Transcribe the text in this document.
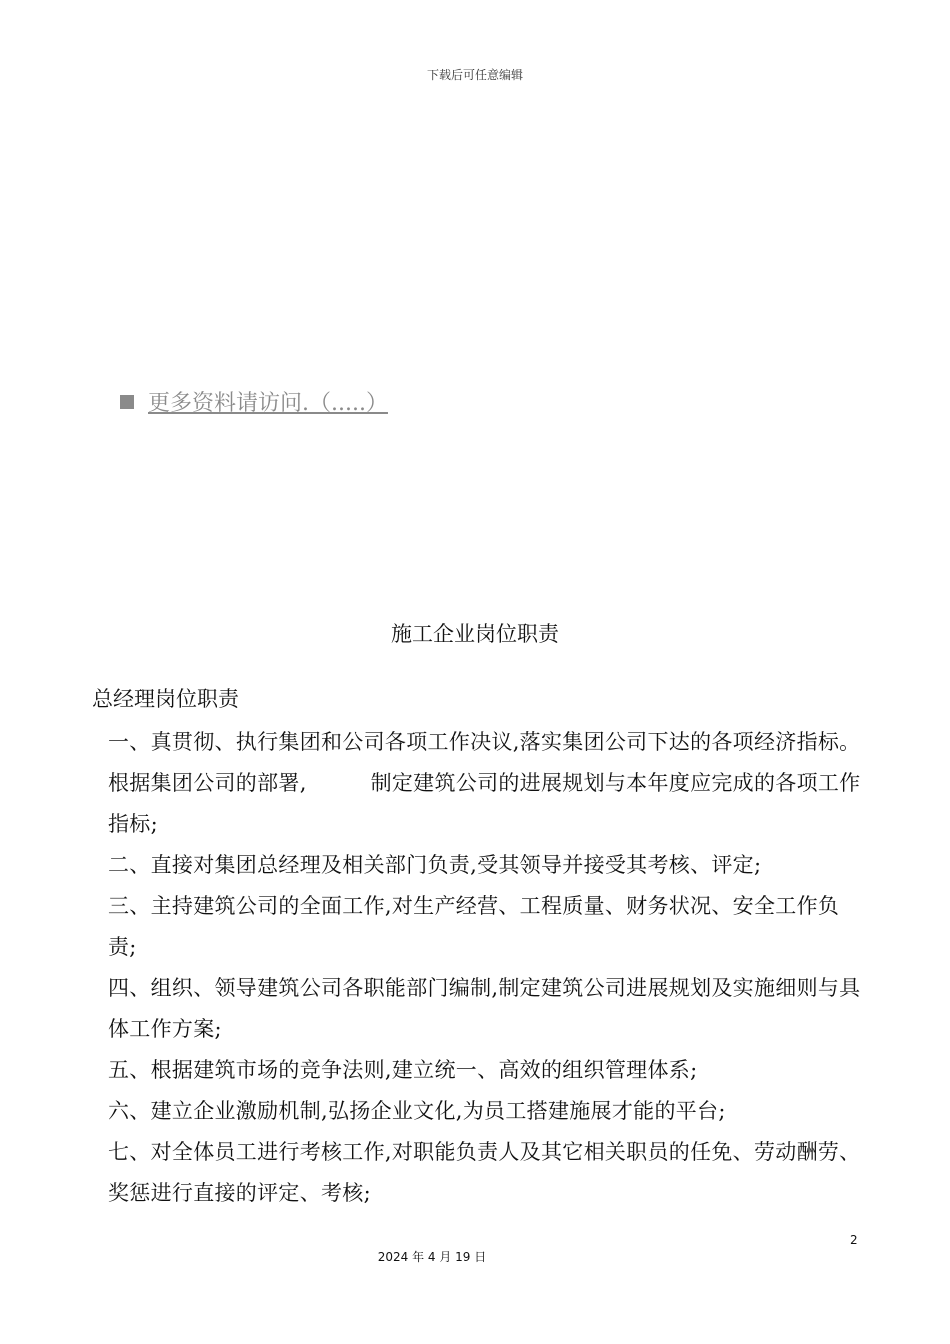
下载后可任意编辑
更多资料请访问.（.....）
施工企业岗位职责
总经理岗位职责

一、真贯彻、执行集团和公司各项工作决议,落实集团公司下达的各项经济指标。根据集团公司的部署,　　　制定建筑公司的进展规划与本年度应完成的各项工作指标;

二、直接对集团总经理及相关部门负责,受其领导并接受其考核、评定;

三、主持建筑公司的全面工作,对生产经营、工程质量、财务状况、安全工作负责;

四、组织、领导建筑公司各职能部门编制,制定建筑公司进展规划及实施细则与具体工作方案;

五、根据建筑市场的竞争法则,建立统一、高效的组织管理体系;

六、建立企业激励机制,弘扬企业文化,为员工搭建施展才能的平台;

七、对全体员工进行考核工作,对职能负责人及其它相关职员的任免、劳动酬劳、奖惩进行直接的评定、考核;

2
2024 年 4 月 19 日
